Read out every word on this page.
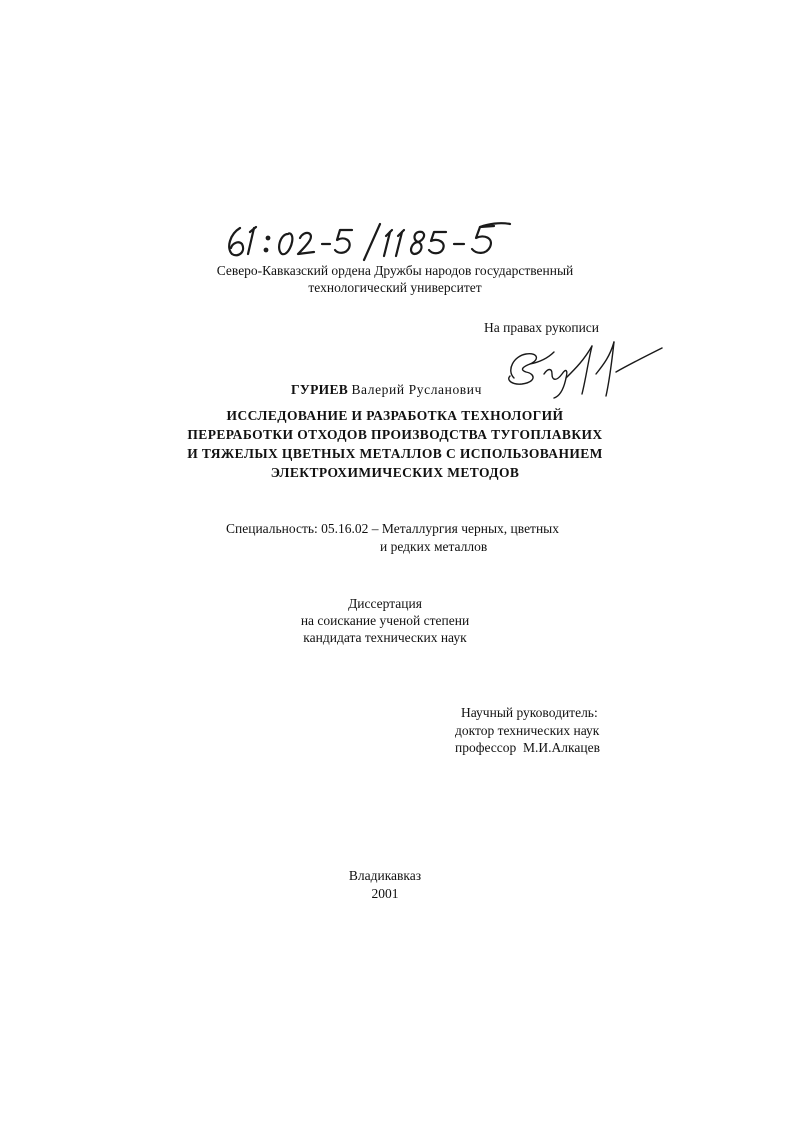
Северо-Кавказский ордена Дружбы народов государственный
технологический университет
На правах рукописи
ГУРИЕВ Валерий Русланович
ИССЛЕДОВАНИЕ И РАЗРАБОТКА ТЕХНОЛОГИЙ
ПЕРЕРАБОТКИ ОТХОДОВ ПРОИЗВОДСТВА ТУГОПЛАВКИХ
И ТЯЖЕЛЫХ ЦВЕТНЫХ МЕТАЛЛОВ С ИСПОЛЬЗОВАНИЕМ
ЭЛЕКТРОХИМИЧЕСКИХ МЕТОДОВ
Специальность: 05.16.02 – Металлургия черных, цветных
и редких металлов
Диссертация
на соискание ученой степени
кандидата технических наук
Научный руководитель:
доктор технических наук
профессор  М.И.Алкацев
Владикавказ
2001
